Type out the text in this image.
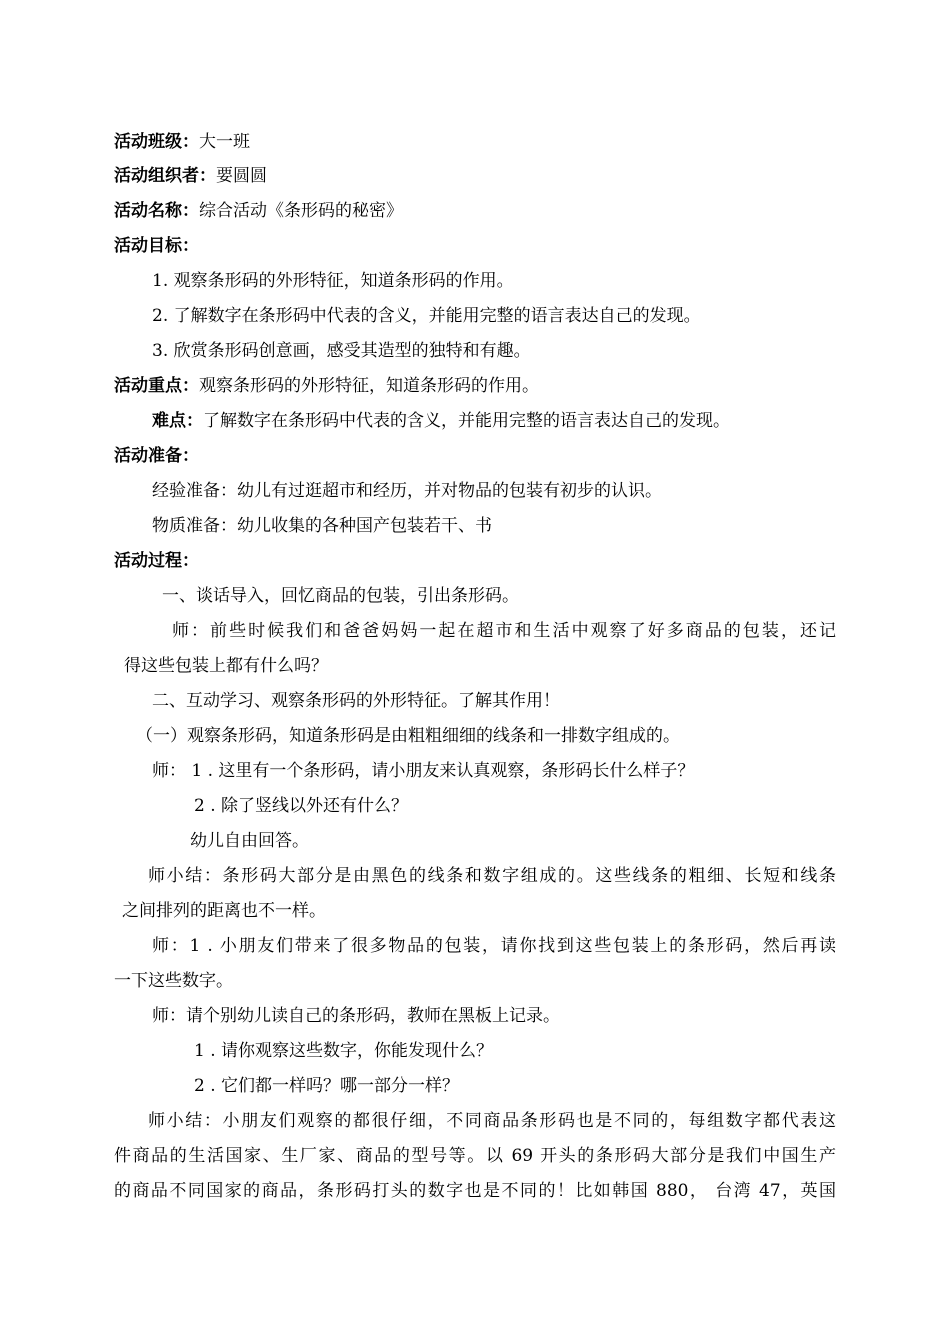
活动班级：大一班
活动组织者：要圆圆
活动名称：综合活动《条形码的秘密》
活动目标：
1. 观察条形码的外形特征，知道条形码的作用。
2. 了解数字在条形码中代表的含义，并能用完整的语言表达自己的发现。
3. 欣赏条形码创意画，感受其造型的独特和有趣。
活动重点：观察条形码的外形特征，知道条形码的作用。
难点：了解数字在条形码中代表的含义，并能用完整的语言表达自己的发现。
活动准备：
经验准备：幼儿有过逛超市和经历，并对物品的包装有初步的认识。
物质准备：幼儿收集的各种国产包装若干、书
活动过程：
一、谈话导入，回忆商品的包装，引出条形码。
师：前些时候我们和爸爸妈妈一起在超市和生活中观察了好多商品的包装，还记
得这些包装上都有什么吗？
二、互动学习、观察条形码的外形特征。了解其作用！
（一）观察条形码，知道条形码是由粗粗细细的线条和一排数字组成的。
师： 1 . 这里有一个条形码，请小朋友来认真观察，条形码长什么样子？
2 . 除了竖线以外还有什么？
幼儿自由回答。
师小结：条形码大部分是由黑色的线条和数字组成的。这些线条的粗细、长短和线条
之间排列的距离也不一样。
师：1 . 小朋友们带来了很多物品的包装，请你找到这些包装上的条形码，然后再读
一下这些数字。
师：请个别幼儿读自己的条形码，教师在黑板上记录。
1 . 请你观察这些数字，你能发现什么？
2 . 它们都一样吗？哪一部分一样？
师小结：小朋友们观察的都很仔细，不同商品条形码也是不同的，每组数字都代表这
件商品的生活国家、生厂家、商品的型号等。以 69 开头的条形码大部分是我们中国生产
的商品不同国家的商品，条形码打头的数字也是不同的！比如韩国 880， 台湾 47，英国
